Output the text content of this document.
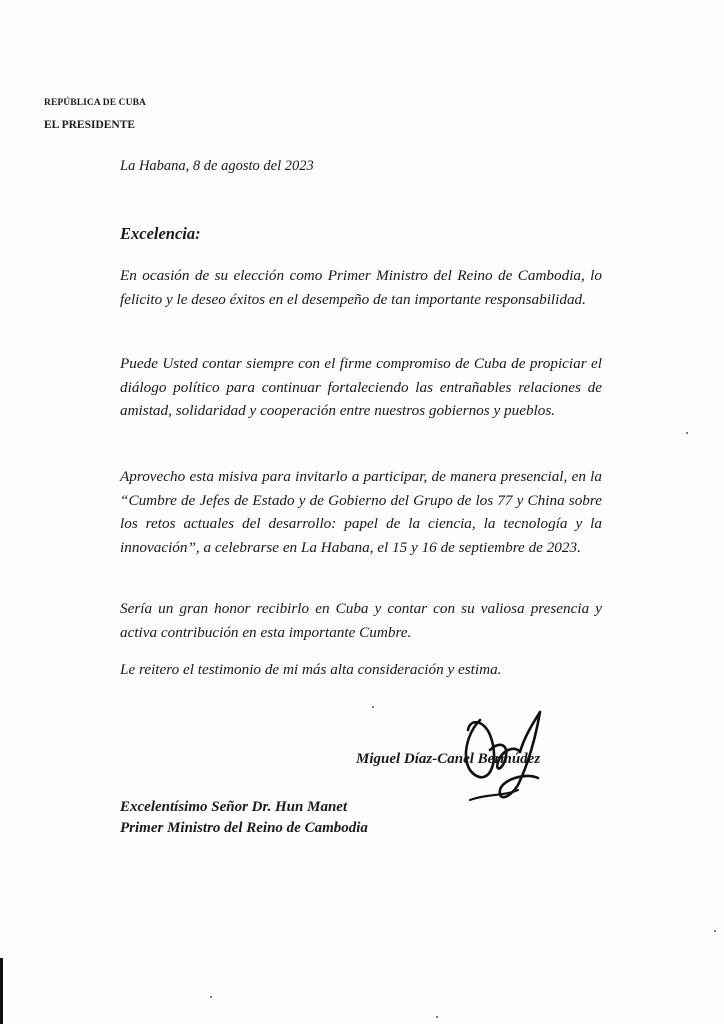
REPÚBLICA DE CUBA
EL PRESIDENTE
La Habana, 8 de agosto del 2023
Excelencia:
En ocasión de su elección como Primer Ministro del Reino de Cambodia, lo felicito y le deseo éxitos en el desempeño de tan importante responsabilidad.
Puede Usted contar siempre con el firme compromiso de Cuba de propiciar el diálogo político para continuar fortaleciendo las entrañables relaciones de amistad, solidaridad y cooperación entre nuestros gobiernos y pueblos.
Aprovecho esta misiva para invitarlo a participar, de manera presencial, en la “Cumbre de Jefes de Estado y de Gobierno del Grupo de los 77 y China sobre los retos actuales del desarrollo: papel de la ciencia, la tecnología y la innovación”, a celebrarse en La Habana, el 15 y 16 de septiembre de 2023.
Sería un gran honor recibirlo en Cuba y contar con su valiosa presencia y activa contribución en esta importante Cumbre.
Le reitero el testimonio de mi más alta consideración y estima.
Miguel Díaz-Canel Bermúdez
Excelentísimo Señor Dr. Hun Manet
Primer Ministro del Reino de Cambodia
